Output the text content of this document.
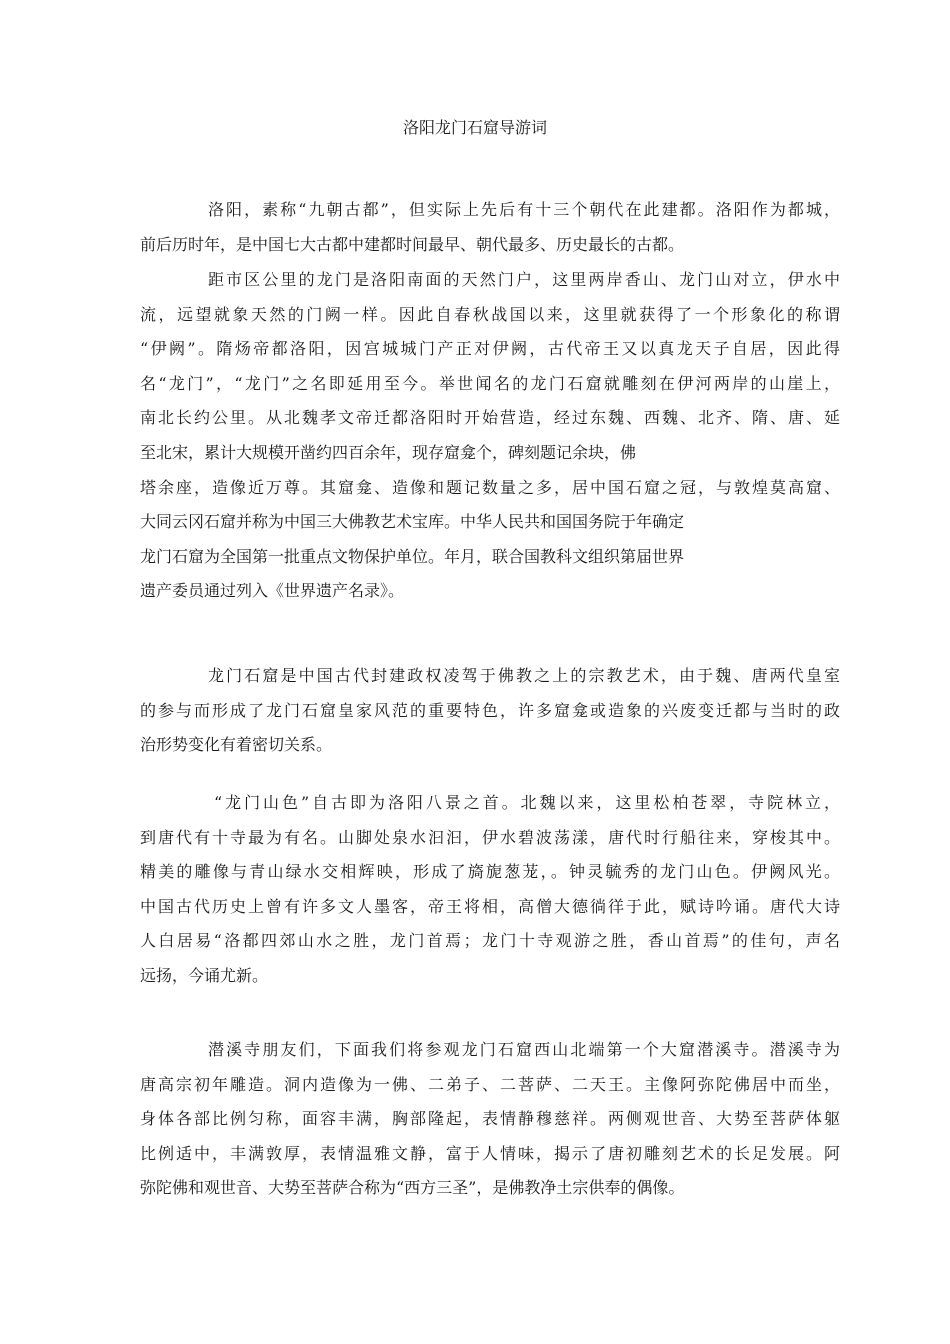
洛阳龙门石窟导游词
洛阳，素称“九朝古都”，但实际上先后有十三个朝代在此建都。洛阳作为都城，
前后历时年，是中国七大古都中建都时间最早、朝代最多、历史最长的古都。
距市区公里的龙门是洛阳南面的天然门户，这里两岸香山、龙门山对立，伊水中
流，远望就象天然的门阙一样。因此自春秋战国以来，这里就获得了一个形象化的称谓
“伊阙”。隋炀帝都洛阳，因宫城城门产正对伊阙，古代帝王又以真龙天子自居，因此得
名“龙门”，“龙门”之名即延用至今。举世闻名的龙门石窟就雕刻在伊河两岸的山崖上，
南北长约公里。从北魏孝文帝迁都洛阳时开始营造，经过东魏、西魏、北齐、隋、唐、延
至北宋，累计大规模开凿约四百余年，现存窟龛个，碑刻题记余块，佛
塔余座，造像近万尊。其窟龛、造像和题记数量之多，居中国石窟之冠，与敦煌莫高窟、
大同云冈石窟并称为中国三大佛教艺术宝库。中华人民共和国国务院于年确定
龙门石窟为全国第一批重点文物保护单位。年月，联合国教科文组织第届世界
遗产委员通过列入《世界遗产名录》。
龙门石窟是中国古代封建政权凌驾于佛教之上的宗教艺术，由于魏、唐两代皇室
的参与而形成了龙门石窟皇家风范的重要特色，许多窟龛或造象的兴废变迁都与当时的政
治形势变化有着密切关系。
“龙门山色”自古即为洛阳八景之首。北魏以来，这里松柏苍翠，寺院林立，
到唐代有十寺最为有名。山脚处泉水汩汩，伊水碧波荡漾，唐代时行船往来，穿梭其中。
精美的雕像与青山绿水交相辉映，形成了旖旎葱茏，。钟灵毓秀的龙门山色。伊阙风光。
中国古代历史上曾有许多文人墨客，帝王将相，高僧大德徜徉于此，赋诗吟诵。唐代大诗
人白居易“洛都四郊山水之胜，龙门首焉；龙门十寺观游之胜，香山首焉”的佳句，声名
远扬，今诵尤新。
潜溪寺朋友们，下面我们将参观龙门石窟西山北端第一个大窟潜溪寺。潜溪寺为
唐高宗初年雕造。洞内造像为一佛、二弟子、二菩萨、二天王。主像阿弥陀佛居中而坐，
身体各部比例匀称，面容丰满，胸部隆起，表情静穆慈祥。两侧观世音、大势至菩萨体躯
比例适中，丰满敦厚，表情温雅文静，富于人情味，揭示了唐初雕刻艺术的长足发展。阿
弥陀佛和观世音、大势至菩萨合称为“西方三圣”，是佛教净土宗供奉的偶像。
